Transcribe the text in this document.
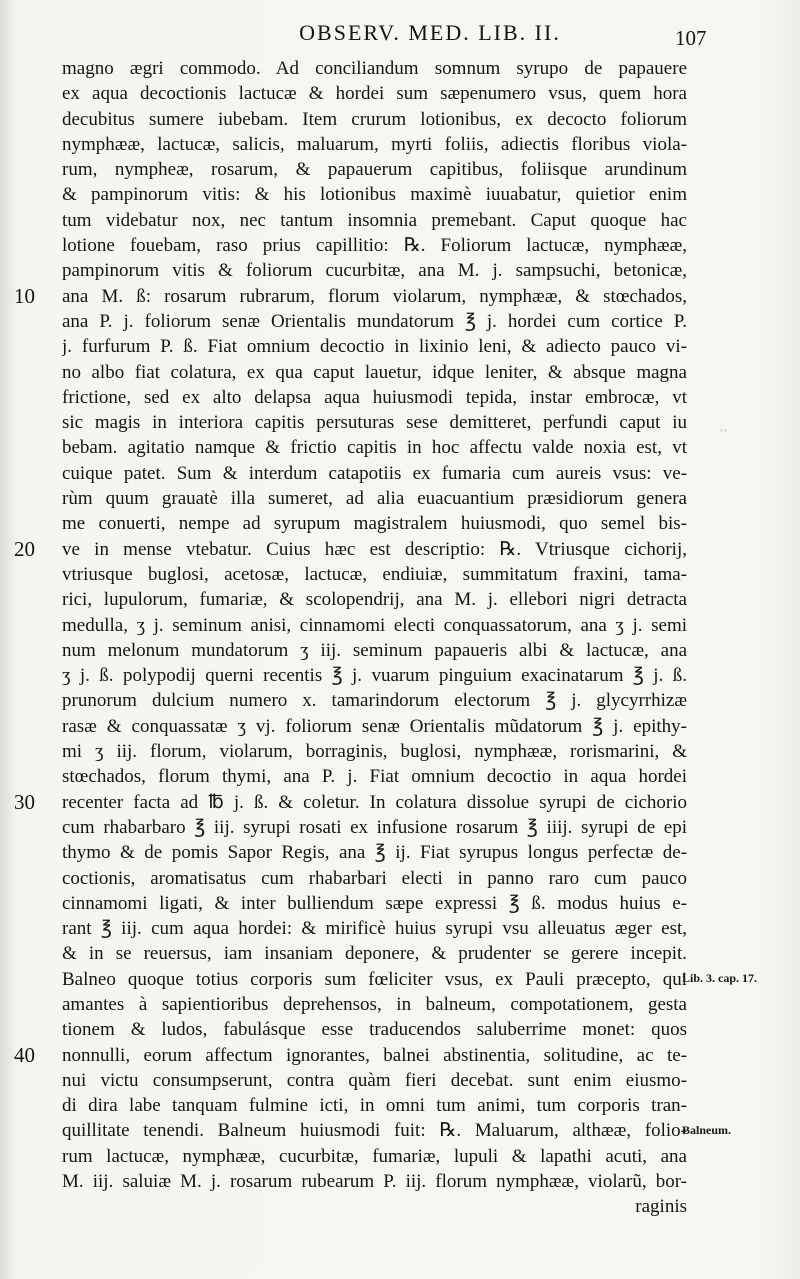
OBSERV. MED. LIB. II.	107
magno ægri commodo. Ad conciliandum somnum syrupo de papauere
ex aqua decoctionis lactucæ & hordei sum sæpenumero vsus, quem hora
decubitus sumere iubebam. Item crurum lotionibus, ex decocto foliorum
nymphææ, lactucæ, salicis, maluarum, myrti foliis, adiectis floribus viola-
rum, nympheæ, rosarum, & papauerum capitibus, foliisque arundinum
& pampinorum vitis: & his lotionibus maximè iuuabatur, quietior enim
tum videbatur nox, nec tantum insomnia premebant. Caput quoque hac
lotione fouebam, raso prius capillitio: ℞. Foliorum lactucæ, nymphææ,
pampinorum vitis & foliorum cucurbitæ, ana M. j. sampsuchi, betonicæ,
ana M. ß: rosarum rubrarum, florum violarum, nymphææ, & stœchados,
ana P. j. foliorum senæ Orientalis mundatorum ℥ j. hordei cum cortice P.
j. furfurum P. ß. Fiat omnium decoctio in lixinio leni, & adiecto pauco vi-
no albo fiat colatura, ex qua caput lauetur, idque leniter, & absque magna
frictione, sed ex alto delapsa aqua huiusmodi tepida, instar embrocæ, vt
sic magis in interiora capitis persuturas sese demitteret, perfundi caput iu
bebam. agitatio namque & frictio capitis in hoc affectu valde noxia est, vt
cuique patet. Sum & interdum catapotiis ex fumaria cum aureis vsus: ve-
rùm quum grauatè illa sumeret, ad alia euacuantium præsidiorum genera
me conuerti, nempe ad syrupum magistralem huiusmodi, quo semel bis-
ve in mense vtebatur. Cuius hæc est descriptio: ℞. Vtriusque cichorij,
vtriusque buglosi, acetosæ, lactucæ, endiuiæ, summitatum fraxini, tama-
rici, lupulorum, fumariæ, & scolopendrij, ana M. j. ellebori nigri detracta
medulla, ʒ j. seminum anisi, cinnamomi electi conquassatorum, ana ʒ j. semi
num melonum mundatorum ʒ iij. seminum papaueris albi & lactucæ, ana
ʒ j. ß. polypodij querni recentis ℥ j. vuarum pinguium exacinatarum ℥ j. ß.
prunorum dulcium numero x. tamarindorum electorum ℥ j. glycyrrhizæ
rasæ & conquassatæ ʒ vj. foliorum senæ Orientalis mũdatorum ℥ j. epithy-
mi ʒ iij. florum, violarum, borraginis, buglosi, nymphææ, rorismarini, &
stœchados, florum thymi, ana P. j. Fiat omnium decoctio in aqua hordei
recenter facta ad ℔ j. ß. & coletur. In colatura dissolue syrupi de cichorio
cum rhabarbaro ℥ iij. syrupi rosati ex infusione rosarum ℥ iiij. syrupi de epi
thymo & de pomis Sapor Regis, ana ℥ ij. Fiat syrupus longus perfectæ de-
coctionis, aromatisatus cum rhabarbari electi in panno raro cum pauco
cinnamomi ligati, & inter bulliendum sæpe expressi ℥ ß. modus huius e-
rant ℥ iij. cum aqua hordei: & mirificè huius syrupi vsu alleuatus æger est,
& in se reuersus, iam insaniam deponere, & prudenter se gerere incepit.
Balneo quoque totius corporis sum fœliciter vsus, ex Pauli præcepto, qui
amantes à sapientioribus deprehensos, in balneum, compotationem, gesta
tionem & ludos, fabulásque esse traducendos saluberrime monet: quos
nonnulli, eorum affectum ignorantes, balnei abstinentia, solitudine, ac te-
nui victu consumpserunt, contra quàm fieri decebat. sunt enim eiusmo-
di dira labe tanquam fulmine icti, in omni tum animi, tum corporis tran-
quillitate tenendi. Balneum huiusmodi fuit: ℞. Maluarum, althææ, folio-
rum lactucæ, nymphææ, cucurbitæ, fumariæ, lupuli & lapathi acuti, ana
M. iij. saluiæ M. j. rosarum rubearum P. iij. florum nymphææ, violarũ, bor-
raginis
10
20
30
40
Lib. 3. cap. 17.
Balneum.
‹›
